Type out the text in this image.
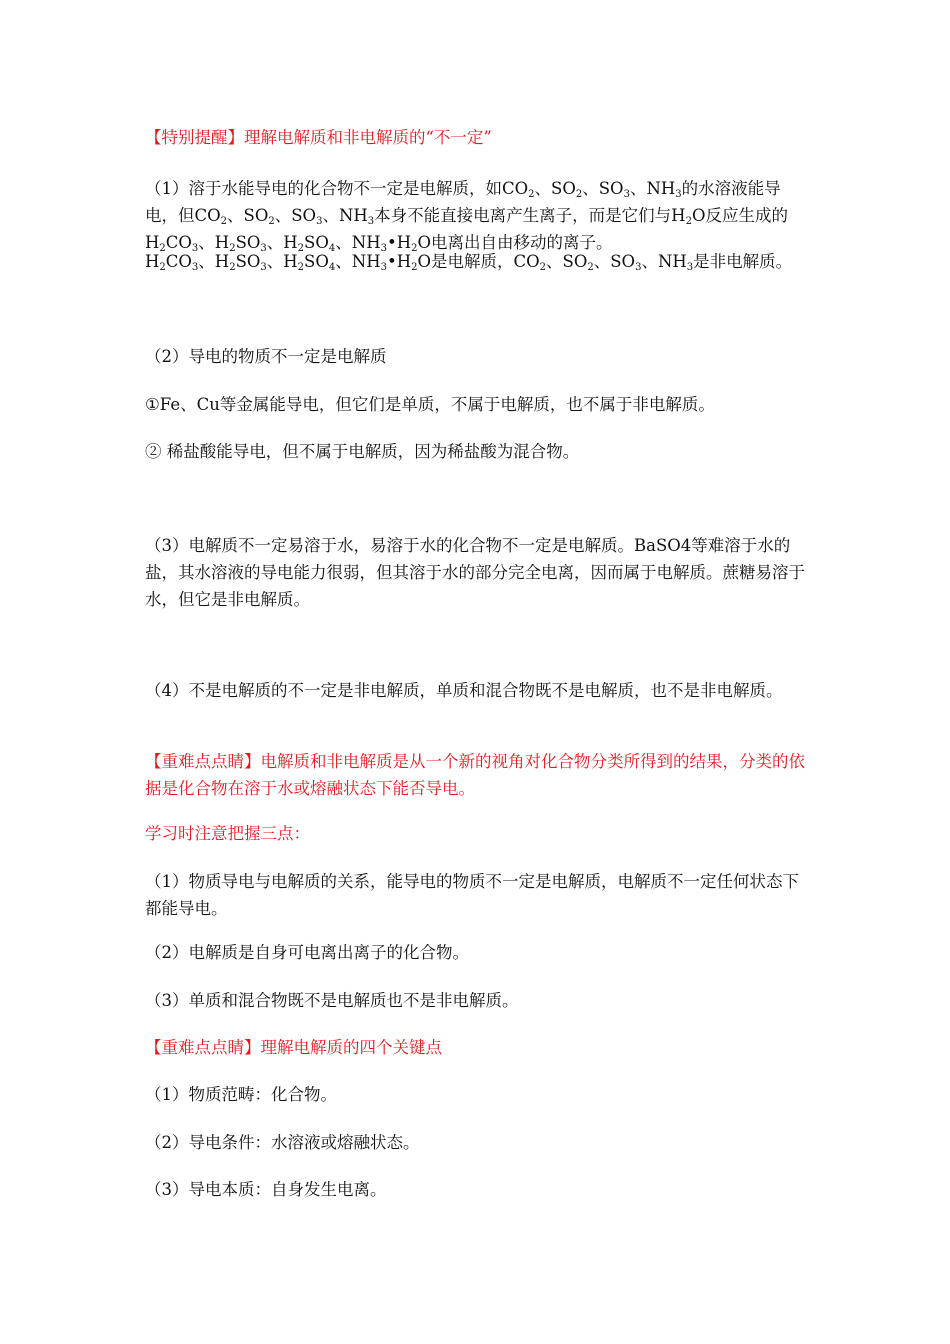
【特别提醒】理解电解质和非电解质的“不一定”

（1）溶于水能导电的化合物不一定是电解质，如$CO_2$、$SO_2$、$SO_3$、$NH_3$的水溶液能导电，但$CO_2$、$SO_2$、$SO_3$、$NH_3$本身不能直接电离产生离子，而是它们与$H_2O$反应生成的$H_2CO_3$、$H_2SO_3$、$H_2SO_4$、$NH_3•H_2O$电离出自由移动的离子。

$H_2CO_3$、$H_2SO_3$、$H_2SO_4$、$NH_3•H_2O$是电解质，$CO_2$、$SO_2$、$SO_3$、$NH_3$是非电解质。

（2）导电的物质不一定是电解质

①Fe、Cu等金属能导电，但它们是单质，不属于电解质，也不属于非电解质。

② 稀盐酸能导电，但不属于电解质，因为稀盐酸为混合物。

（3）电解质不一定易溶于水，易溶于水的化合物不一定是电解质。BaSO4等难溶于水的盐，其水溶液的导电能力很弱，但其溶于水的部分完全电离，因而属于电解质。蔗糖易溶于水，但它是非电解质。

（4）不是电解质的不一定是非电解质，单质和混合物既不是电解质，也不是非电解质。

【重难点点睛】电解质和非电解质是从一个新的视角对化合物分类所得到的结果，分类的依据是化合物在溶于水或熔融状态下能否导电。

学习时注意把握三点：

（1）物质导电与电解质的关系，能导电的物质不一定是电解质，电解质不一定任何状态下都能导电。

（2）电解质是自身可电离出离子的化合物。

（3）单质和混合物既不是电解质也不是非电解质。

【重难点点睛】理解电解质的四个关键点

（1）物质范畴：化合物。

（2）导电条件：水溶液或熔融状态。

（3）导电本质：自身发生电离。
